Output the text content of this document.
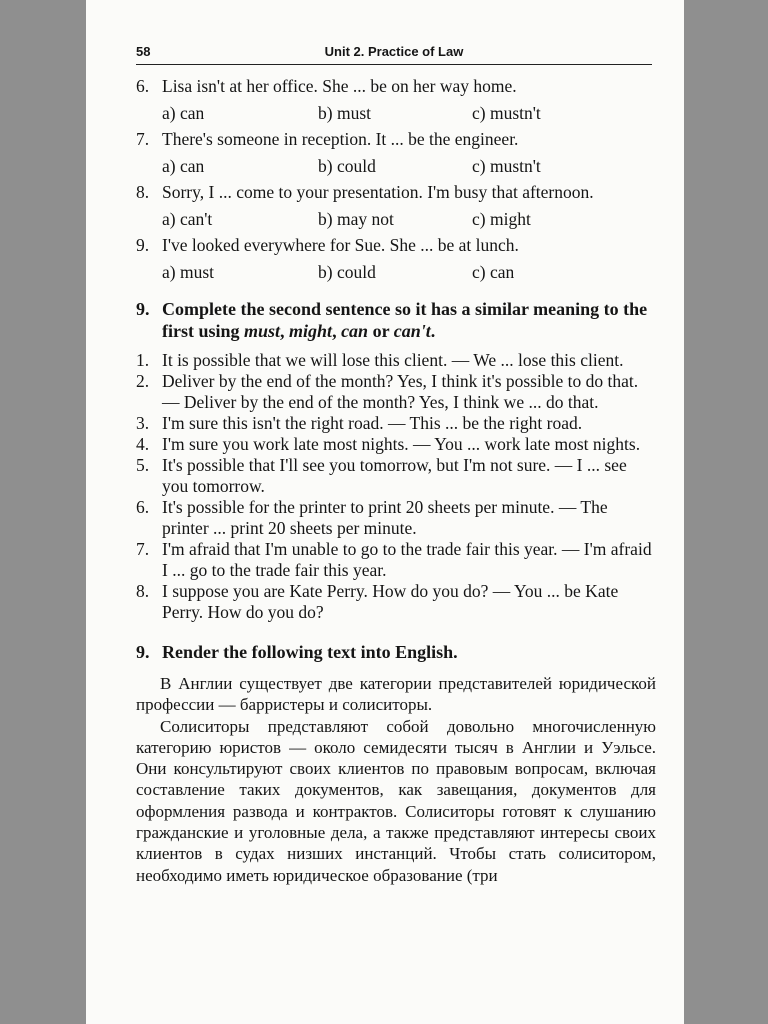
58	Unit 2. Practice of Law
6. Lisa isn't at her office. She ... be on her way home.
a) can	b) must	c) mustn't
7. There's someone in reception. It ... be the engineer.
a) can	b) could	c) mustn't
8. Sorry, I ... come to your presentation. I'm busy that afternoon.
a) can't	b) may not	c) might
9. I've looked everywhere for Sue. She ... be at lunch.
a) must	b) could	c) can
9. Complete the second sentence so it has a similar meaning to the first using must, might, can or can't.
1. It is possible that we will lose this client. — We ... lose this client.
2. Deliver by the end of the month? Yes, I think it's possible to do that. — Deliver by the end of the month? Yes, I think we ... do that.
3. I'm sure this isn't the right road. — This ... be the right road.
4. I'm sure you work late most nights. — You ... work late most nights.
5. It's possible that I'll see you tomorrow, but I'm not sure. — I ... see you tomorrow.
6. It's possible for the printer to print 20 sheets per minute. — The printer ... print 20 sheets per minute.
7. I'm afraid that I'm unable to go to the trade fair this year. — I'm afraid I ... go to the trade fair this year.
8. I suppose you are Kate Perry. How do you do? — You ... be Kate Perry. How do you do?
9. Render the following text into English.

В Англии существует две категории представителей юридической профессии — барристеры и солиситоры.

Солиситоры представляют собой довольно многочисленную категорию юристов — около семидесяти тысяч в Англии и Уэльсе. Они консультируют своих клиентов по правовым вопросам, включая составление таких документов, как завещания, документов для оформления развода и контрактов. Солиситоры готовят к слушанию гражданские и уголовные дела, а также представляют интересы своих клиентов в судах низших инстанций. Чтобы стать солиситором, необходимо иметь юридическое образование (три
